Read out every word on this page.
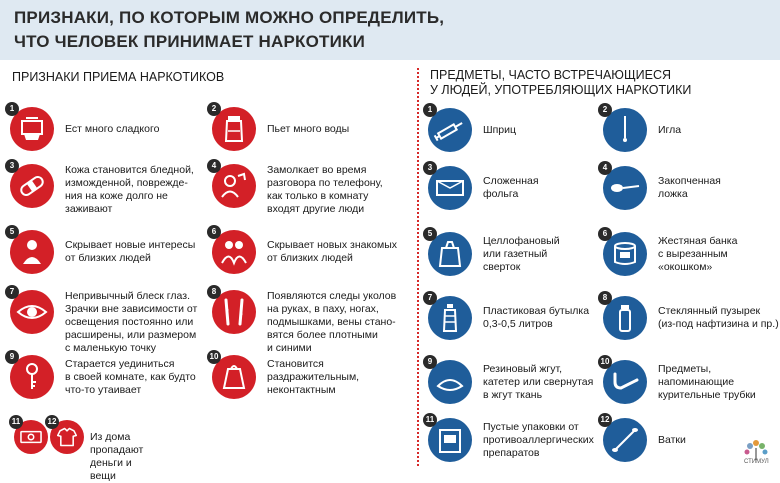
ПРИЗНАКИ, ПО КОТОРЫМ МОЖНО ОПРЕДЕЛИТЬ,
ЧТО ЧЕЛОВЕК ПРИНИМАЕТ НАРКОТИКИ
ПРИЗНАКИ ПРИЕМА НАРКОТИКОВ	ПРЕДМЕТЫ, ЧАСТО ВСТРЕЧАЮЩИЕСЯ
У ЛЮДЕЙ, УПОТРЕБЛЯЮЩИХ НАРКОТИКИ
1
Ест много сладкого
2
Пьет много воды
3	Кожа становится бледной,
изможденной, поврежде-
ния на коже долго не
заживают
4	Замолкает во время
разговора по телефону,
как только в комнату
входят другие люди
5
Скрывает новые интересы
от близких людей
6
Скрывает новых знакомых
от близких людей
7	Непривычный блеск глаз.
Зрачки вне зависимости от
освещения постоянно или
расширены, или размером
с маленькую точку
8	Появляются следы уколов
на руках, в паху, ногах,
подмышками, вены стано-
вятся более плотными
и синими
9
Старается уединиться
в своей комнате, как будто
что-то утаивает
10
Становится
раздражительным,
неконтактным
1
Шприц
2
Игла
3
Сложенная
фольга
4
Закопченная
ложка
5
Целлофановый
или газетный
сверток
6
Жестяная банка
с вырезанным
«окошком»
7
Пластиковая бутылка
0,3-0,5 литров
8
Стеклянный пузырек
(из-под нафтизина и пр.)
9
Резиновый жгут,
катетер или свернутая
в жгут ткань
10
Предметы,
напоминающие
курительные трубки
11
Пустые упаковки от
противоаллергических
препаратов
12
Ватки
11	12
Из дома пропадают деньги и вещи
СТИМУЛ
